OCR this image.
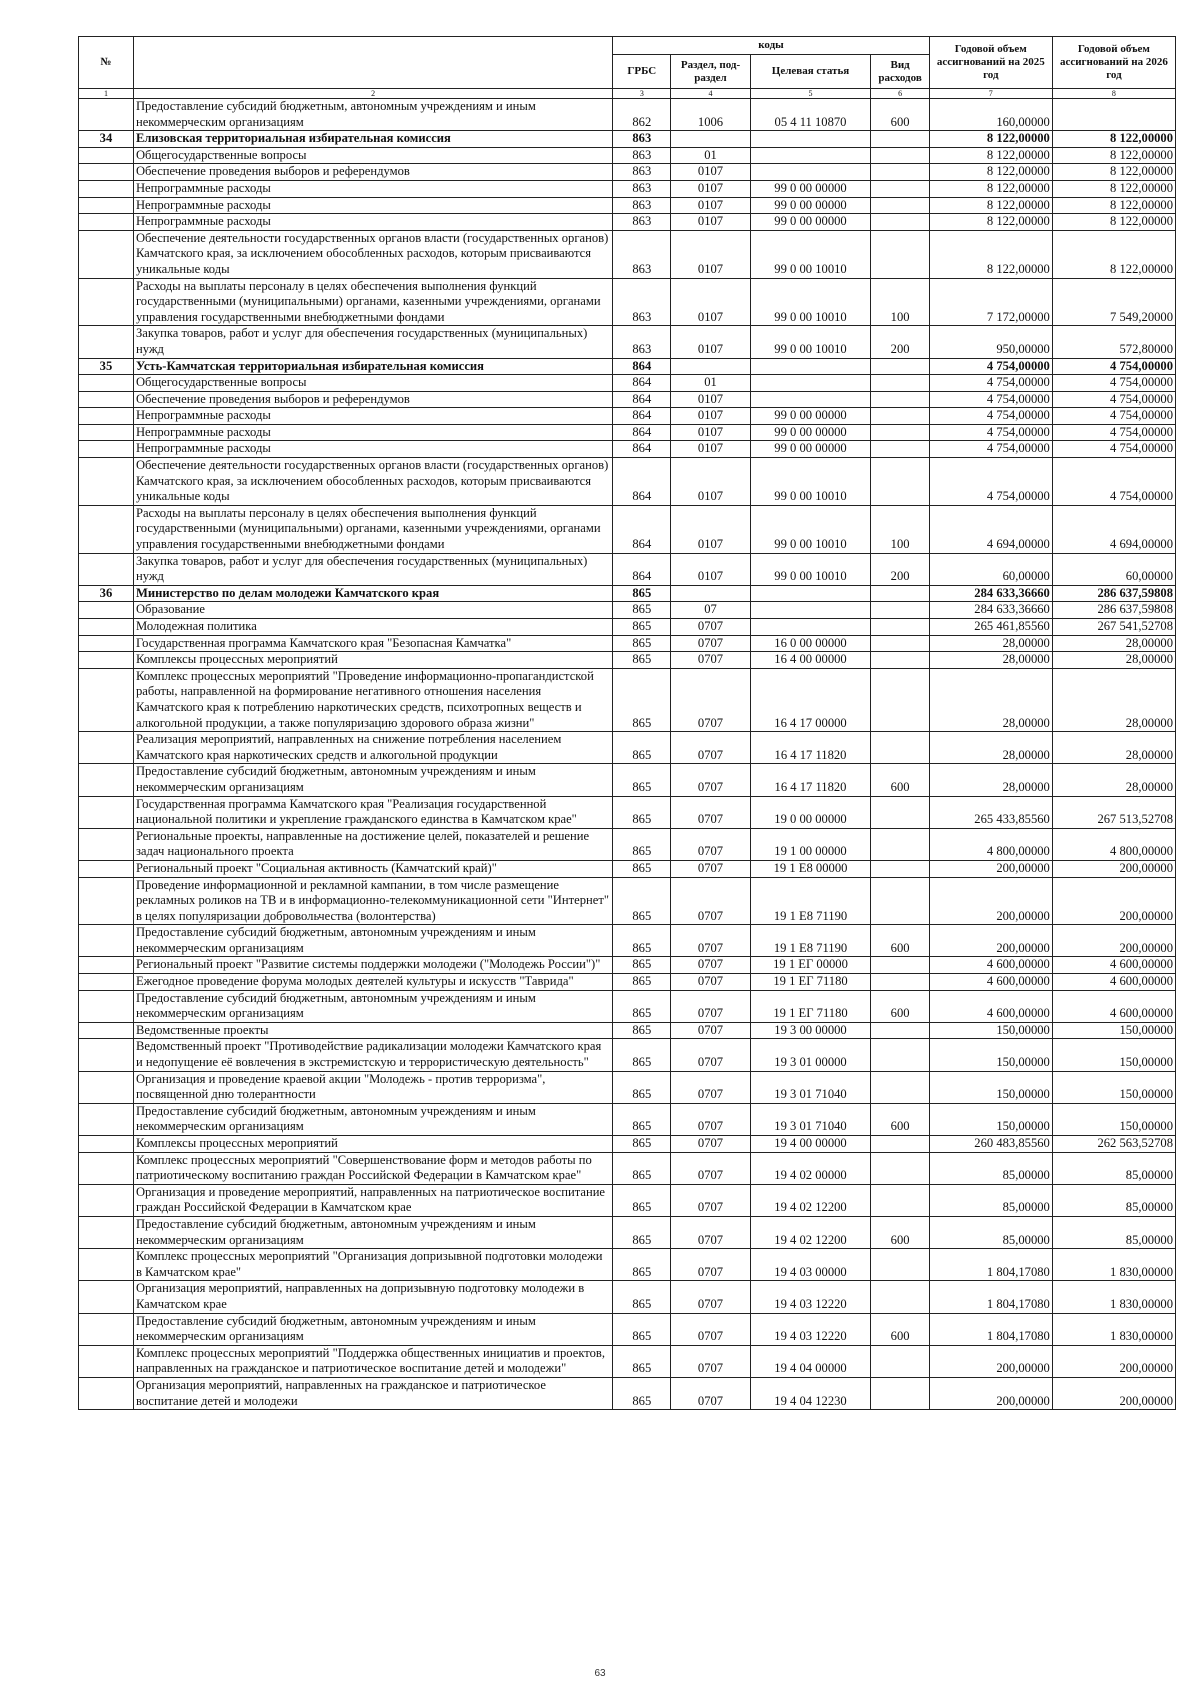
№		коды				Годовой объем ассигнований на 2025 год	Годовой объем ассигнований на 2026 год
		ГРБС	Раздел, под-раздел	Целевая статья	Вид расходов		
1	2	3	4	5	6	7	8
	Предоставление субсидий бюджетным, автономным учреждениям и иным некоммерческим организациям	862	1006	05 4 11 10870	600	160,00000	
34	Елизовская территориальная избирательная комиссия	863				8 122,00000	8 122,00000
	Общегосударственные вопросы	863	01			8 122,00000	8 122,00000
	Обеспечение проведения выборов и референдумов	863	0107			8 122,00000	8 122,00000
	Непрограммные расходы	863	0107	99 0 00 00000		8 122,00000	8 122,00000
	Непрограммные расходы	863	0107	99 0 00 00000		8 122,00000	8 122,00000
	Непрограммные расходы	863	0107	99 0 00 00000		8 122,00000	8 122,00000
	Обеспечение деятельности государственных органов власти (государственных органов) Камчатского края, за исключением обособленных расходов, которым присваиваются уникальные коды	863	0107	99 0 00 10010		8 122,00000	8 122,00000
	Расходы на выплаты персоналу в целях обеспечения выполнения функций государственными (муниципальными) органами, казенными учреждениями, органами управления государственными внебюджетными фондами	863	0107	99 0 00 10010	100	7 172,00000	7 549,20000
	Закупка товаров, работ и услуг для обеспечения государственных (муниципальных) нужд	863	0107	99 0 00 10010	200	950,00000	572,80000
35	Усть-Камчатская территориальная избирательная комиссия	864				4 754,00000	4 754,00000
	Общегосударственные вопросы	864	01			4 754,00000	4 754,00000
	Обеспечение проведения выборов и референдумов	864	0107			4 754,00000	4 754,00000
	Непрограммные расходы	864	0107	99 0 00 00000		4 754,00000	4 754,00000
	Непрограммные расходы	864	0107	99 0 00 00000		4 754,00000	4 754,00000
	Непрограммные расходы	864	0107	99 0 00 00000		4 754,00000	4 754,00000
	Обеспечение деятельности государственных органов власти (государственных органов) Камчатского края, за исключением обособленных расходов, которым присваиваются уникальные коды	864	0107	99 0 00 10010		4 754,00000	4 754,00000
	Расходы на выплаты персоналу в целях обеспечения выполнения функций государственными (муниципальными) органами, казенными учреждениями, органами управления государственными внебюджетными фондами	864	0107	99 0 00 10010	100	4 694,00000	4 694,00000
	Закупка товаров, работ и услуг для обеспечения государственных (муниципальных) нужд	864	0107	99 0 00 10010	200	60,00000	60,00000
36	Министерство по делам молодежи Камчатского края	865				284 633,36660	286 637,59808
	Образование	865	07			284 633,36660	286 637,59808
	Молодежная политика	865	0707			265 461,85560	267 541,52708
	Государственная программа Камчатского края "Безопасная Камчатка"	865	0707	16 0 00 00000		28,00000	28,00000
	Комплексы процессных мероприятий	865	0707	16 4 00 00000		28,00000	28,00000
	Комплекс процессных мероприятий "Проведение информационно-пропагандистской работы, направленной на формирование негативного отношения населения Камчатского края к потреблению наркотических средств, психотропных веществ и алкогольной продукции, а также популяризацию здорового образа жизни"	865	0707	16 4 17 00000		28,00000	28,00000
	Реализация мероприятий, направленных на снижение потребления населением Камчатского края наркотических средств и алкогольной продукции	865	0707	16 4 17 11820		28,00000	28,00000
	Предоставление субсидий бюджетным, автономным учреждениям и иным некоммерческим организациям	865	0707	16 4 17 11820	600	28,00000	28,00000
	Государственная программа Камчатского края "Реализация государственной национальной политики и укрепление гражданского единства в Камчатском крае"	865	0707	19 0 00 00000		265 433,85560	267 513,52708
	Региональные проекты, направленные на достижение целей, показателей и решение задач национального проекта	865	0707	19 1 00 00000		4 800,00000	4 800,00000
	Региональный проект "Социальная активность (Камчатский край)"	865	0707	19 1 E8 00000		200,00000	200,00000
	Проведение информационной и рекламной кампании, в том числе размещение рекламных роликов на ТВ и в информационно-телекоммуникационной сети "Интернет" в целях популяризации добровольчества (волонтерства)	865	0707	19 1 E8 71190		200,00000	200,00000
	Предоставление субсидий бюджетным, автономным учреждениям и иным некоммерческим организациям	865	0707	19 1 E8 71190	600	200,00000	200,00000
	Региональный проект "Развитие системы поддержки молодежи ("Молодежь России")"	865	0707	19 1 ЕГ 00000		4 600,00000	4 600,00000
	Ежегодное проведение форума молодых деятелей культуры и искусств "Таврида"	865	0707	19 1 ЕГ 71180		4 600,00000	4 600,00000
	Предоставление субсидий бюджетным, автономным учреждениям и иным некоммерческим организациям	865	0707	19 1 ЕГ 71180	600	4 600,00000	4 600,00000
	Ведомственные проекты	865	0707	19 3 00 00000		150,00000	150,00000
	Ведомственный проект "Противодействие радикализации молодежи Камчатского края и недопущение её вовлечения в экстремистскую и террористическую деятельность"	865	0707	19 3 01 00000		150,00000	150,00000
	Организация и проведение краевой акции "Молодежь - против терроризма", посвященной дню толерантности	865	0707	19 3 01 71040		150,00000	150,00000
	Предоставление субсидий бюджетным, автономным учреждениям и иным некоммерческим организациям	865	0707	19 3 01 71040	600	150,00000	150,00000
	Комплексы процессных мероприятий	865	0707	19 4 00 00000		260 483,85560	262 563,52708
	Комплекс процессных мероприятий "Совершенствование форм и методов работы по патриотическому воспитанию граждан Российской Федерации в Камчатском крае"	865	0707	19 4 02 00000		85,00000	85,00000
	Организация и проведение мероприятий, направленных на патриотическое воспитание граждан Российской Федерации в Камчатском крае	865	0707	19 4 02 12200		85,00000	85,00000
	Предоставление субсидий бюджетным, автономным учреждениям и иным некоммерческим организациям	865	0707	19 4 02 12200	600	85,00000	85,00000
	Комплекс процессных мероприятий "Организация допризывной подготовки молодежи в Камчатском крае"	865	0707	19 4 03 00000		1 804,17080	1 830,00000
	Организация мероприятий, направленных на допризывную подготовку молодежи в Камчатском крае	865	0707	19 4 03 12220		1 804,17080	1 830,00000
	Предоставление субсидий бюджетным, автономным учреждениям и иным некоммерческим организациям	865	0707	19 4 03 12220	600	1 804,17080	1 830,00000
	Комплекс процессных мероприятий "Поддержка общественных инициатив и проектов, направленных на гражданское и патриотическое воспитание детей и молодежи"	865	0707	19 4 04 00000		200,00000	200,00000
	Организация мероприятий, направленных на гражданское и патриотическое воспитание детей и молодежи	865	0707	19 4 04 12230		200,00000	200,00000
63
